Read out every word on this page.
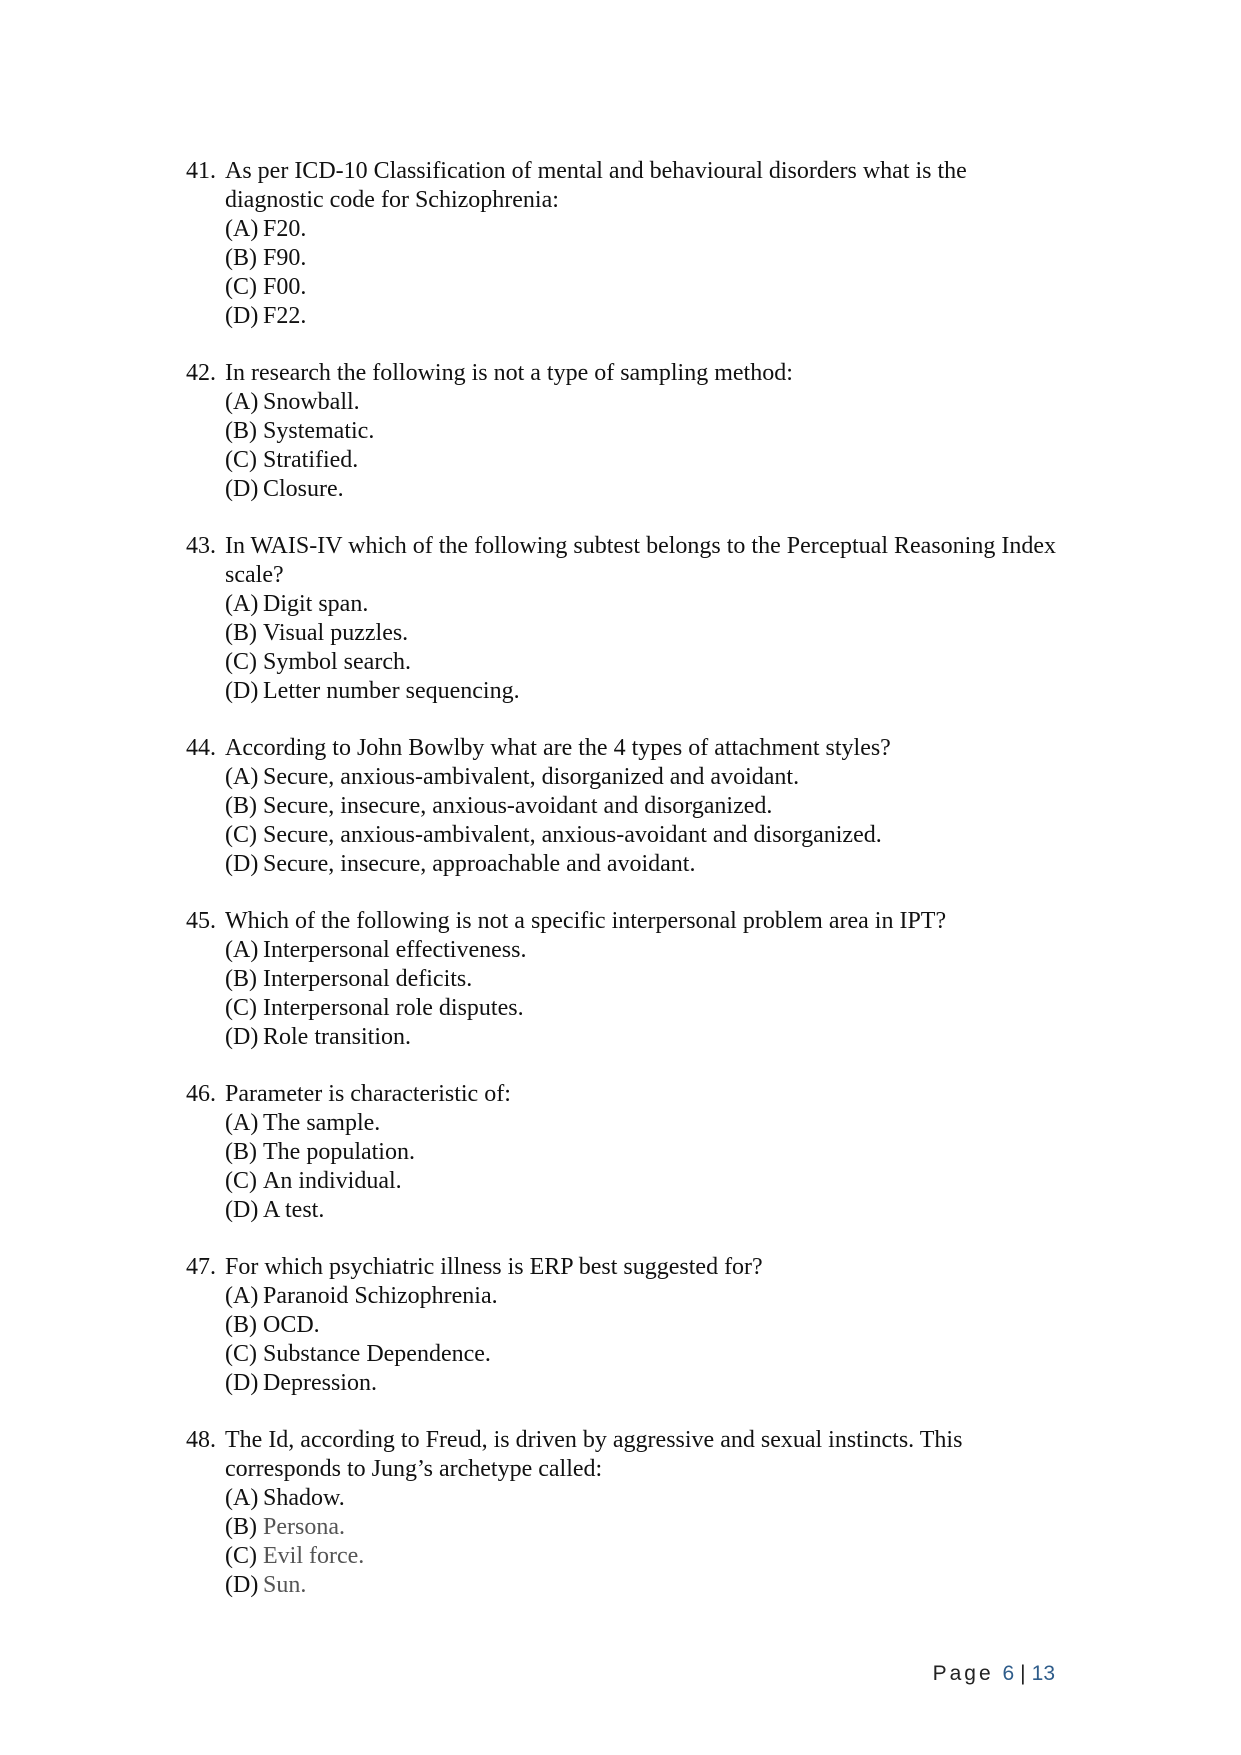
41. As per ICD-10 Classification of mental and behavioural disorders what is the diagnostic code for Schizophrenia:
(A) F20.
(B) F90.
(C) F00.
(D) F22.
42. In research the following is not a type of sampling method:
(A) Snowball.
(B) Systematic.
(C) Stratified.
(D) Closure.
43. In WAIS-IV which of the following subtest belongs to the Perceptual Reasoning Index scale?
(A) Digit span.
(B) Visual puzzles.
(C) Symbol search.
(D) Letter number sequencing.
44. According to John Bowlby what are the 4 types of attachment styles?
(A) Secure, anxious-ambivalent, disorganized and avoidant.
(B) Secure, insecure, anxious-avoidant and disorganized.
(C) Secure, anxious-ambivalent, anxious-avoidant and disorganized.
(D) Secure, insecure, approachable and avoidant.
45. Which of the following is not a specific interpersonal problem area in IPT?
(A) Interpersonal effectiveness.
(B) Interpersonal deficits.
(C) Interpersonal role disputes.
(D) Role transition.
46. Parameter is characteristic of:
(A) The sample.
(B) The population.
(C) An individual.
(D) A test.
47. For which psychiatric illness is ERP best suggested for?
(A) Paranoid Schizophrenia.
(B) OCD.
(C) Substance Dependence.
(D) Depression.
48. The Id, according to Freud, is driven by aggressive and sexual instincts. This corresponds to Jung’s archetype called:
(A) Shadow.
(B) Persona.
(C) Evil force.
(D) Sun.
Page 6 | 13
